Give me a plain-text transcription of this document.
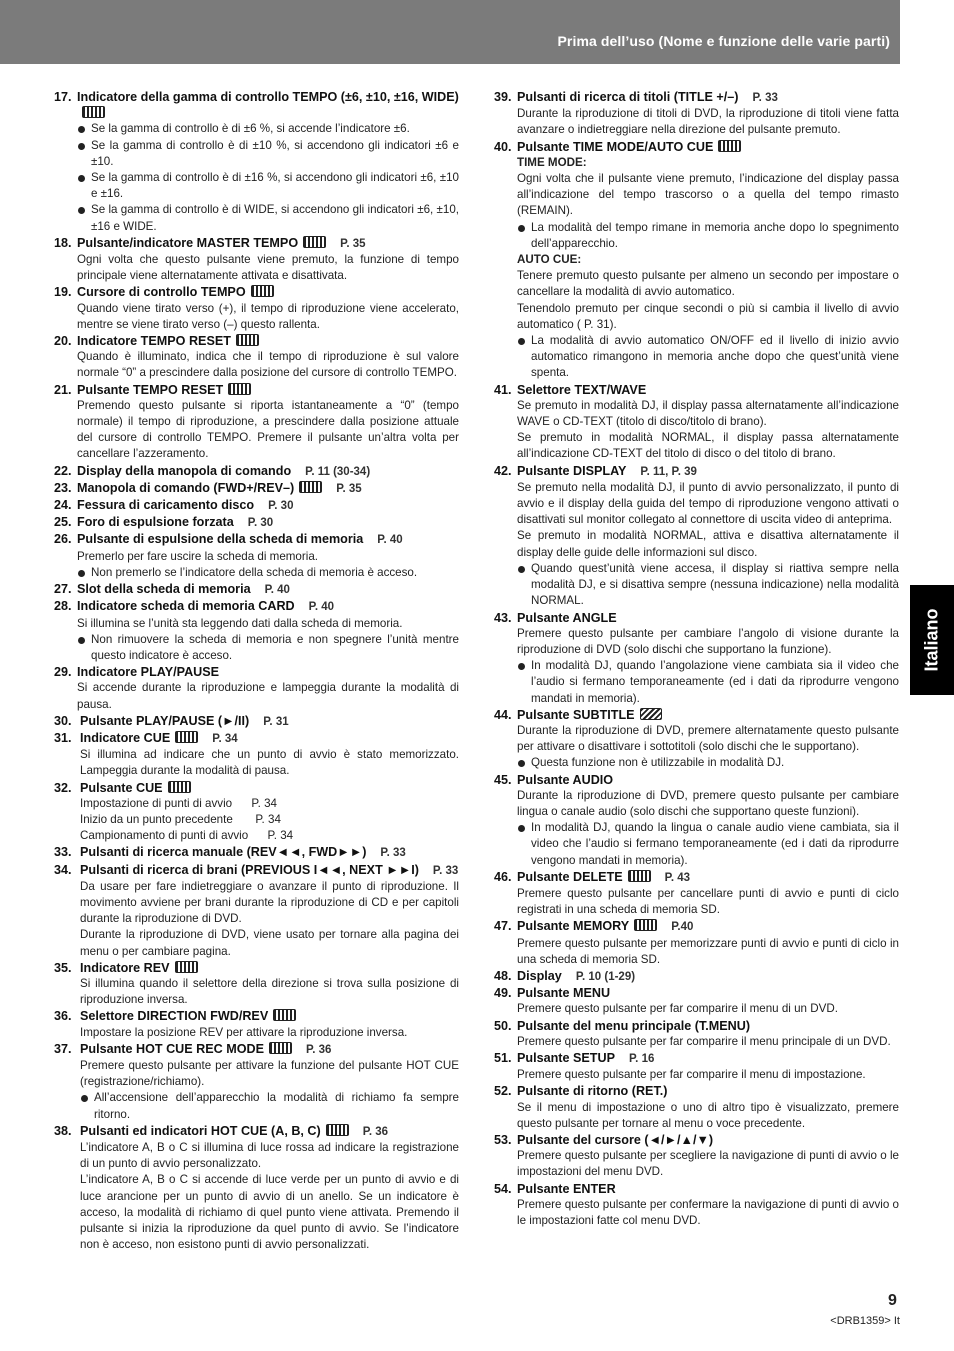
Prima dell’uso (Nome e funzione delle varie parti)
Italiano
17. Indicatore della gamma di controllo TEMPO (±6, ±10, ±16, WIDE)
Se la gamma di controllo è di ±6 %, si accende l’indicatore ±6.
Se la gamma di controllo è di ±10 %, si accendono gli indicatori ±6 e ±10.
Se la gamma di controllo è di ±16 %, si accendono gli indicatori ±6, ±10 e ±16.
Se la gamma di controllo è di WIDE, si accendono gli indicatori ±6, ±10, ±16 e WIDE.
18. Pulsante/indicatore MASTER TEMPO	P. 35
Ogni volta che questo pulsante viene premuto, la funzione di tempo principale viene alternatamente attivata e disattivata.
19. Cursore di controllo TEMPO
Quando viene tirato verso (+), il tempo di riproduzione viene accelerato, mentre se viene tirato verso (–) questo rallenta.
20. Indicatore TEMPO RESET
Quando è illuminato, indica che il tempo di riproduzione è sul valore normale “0” a prescindere dalla posizione del cursore di controllo TEMPO.
21. Pulsante TEMPO RESET
Premendo questo pulsante si riporta istantaneamente a “0” (tempo normale) il tempo di riproduzione, a prescindere dalla posizione attuale del cursore di controllo TEMPO. Premere il pulsante un’altra volta per cancellare l’azzeramento.
22. Display della manopola di comando P. 11 (30-34)
23. Manopola di comando (FWD+/REV–)	P. 35
24. Fessura di caricamento disco P. 30
25. Foro di espulsione forzata P. 30
26. Pulsante di espulsione della scheda di memoria P. 40
Premerlo per fare uscire la scheda di memoria.
Non premerlo se l’indicatore della scheda di memoria è acceso.
27. Slot della scheda di memoria P. 40
28. Indicatore scheda di memoria CARD P. 40
Si illumina se l’unità sta leggendo dati dalla scheda di memoria.
Non rimuovere la scheda di memoria e non spegnere l’unità mentre questo indicatore è acceso.
29. Indicatore PLAY/PAUSE
Si accende durante la riproduzione e lampeggia durante la modalità di pausa.
30. Pulsante PLAY/PAUSE (►/II) P. 31
31. Indicatore CUE	P. 34
Si illumina ad indicare che un punto di avvio è stato memorizzato. Lampeggia durante la modalità di pausa.
32. Pulsante CUE
Impostazione di punti di avvio      P. 34
Inizio da un punto precedente       P. 34
Campionamento di punti di avvio      P. 34
33. Pulsanti di ricerca manuale (REV◄◄, FWD►►) P. 33
34. Pulsanti di ricerca di brani (PREVIOUS I◄◄, NEXT ►►I) P. 33
Da usare per fare indietreggiare o avanzare il punto di riproduzione. Il movimento avviene per brani durante la riproduzione di CD e per capitoli durante la riproduzione di DVD.
Durante la riproduzione di DVD, viene usato per tornare alla pagina dei menu o per cambiare pagina.
35. Indicatore REV
Si illumina quando il selettore della direzione si trova sulla posizione di riproduzione inversa.
36. Selettore DIRECTION FWD/REV
Impostare la posizione REV per attivare la riproduzione inversa.
37. Pulsante HOT CUE REC MODE	P. 36
Premere questo pulsante per attivare la funzione del pulsante HOT CUE (registrazione/richiamo).
All’accensione dell’apparecchio la modalità di richiamo fa sempre ritorno.
38. Pulsanti ed indicatori HOT CUE (A, B, C)	P. 36
L’indicatore A, B o C si illumina di luce rossa ad indicare la registrazione di un punto di avvio personalizzato.
L’indicatore A, B o C si accende di luce verde per un punto di avvio e di luce arancione per un punto di avvio di un anello. Se un indicatore è acceso, la modalità di richiamo di quel punto viene attivata. Premendo il pulsante si inizia la riproduzione da quel punto di avvio. Se l’indicatore non è acceso, non esistono punti di avvio personalizzati.
39. Pulsanti di ricerca di titoli (TITLE +/–) P. 33
Durante la riproduzione di titoli di DVD, la riproduzione di titoli viene fatta avanzare o indietreggiare nella direzione del pulsante premuto.
40. Pulsante TIME MODE/AUTO CUE
TIME MODE:
Ogni volta che il pulsante viene premuto, l’indicazione del display passa all’indicazione del tempo trascorso o a quella del tempo rimasto (REMAIN).
La modalità del tempo rimane in memoria anche dopo lo spegnimento dell’apparecchio.
AUTO CUE:
Tenere premuto questo pulsante per almeno un secondo per impostare o cancellare la modalità di avvio automatico.
Tenendolo premuto per cinque secondi o più si cambia il livello di avvio automatico ( P. 31).
La modalità di avvio automatico ON/OFF ed il livello di inizio avvio automatico rimangono in memoria anche dopo che quest’unità viene spenta.
41. Selettore TEXT/WAVE
Se premuto in modalità DJ, il display passa alternatamente all’indicazione WAVE o CD-TEXT (titolo di disco/titolo di brano).
Se premuto in modalità NORMAL, il display passa alternatamente all’indicazione CD-TEXT del titolo di disco o del titolo di brano.
42. Pulsante DISPLAY P. 11, P. 39
Se premuto nella modalità DJ, il punto di avvio personalizzato, il punto di avvio e il display della guida del tempo di riproduzione vengono attivati o disattivati sul monitor collegato al connettore di uscita video di anteprima.
Se premuto in modalità NORMAL, attiva e disattiva alternatamente il display delle guide delle informazioni sul disco.
Quando quest’unità viene accesa, il display si riattiva sempre nella modalità DJ, e si disattiva sempre (nessuna indicazione) nella modalità NORMAL.
43. Pulsante ANGLE
Premere questo pulsante per cambiare l’angolo di visione durante la riproduzione di DVD (solo dischi che supportano la funzione).
In modalità DJ, quando l’angolazione viene cambiata sia il video che l’audio si fermano temporaneamente (ed i dati da riprodurre vengono mandati in memoria).
44. Pulsante SUBTITLE
Durante la riproduzione di DVD, premere alternatamente questo pulsante per attivare o disattivare i sottotitoli (solo dischi che le supportano).
Questa funzione non è utilizzabile in modalità DJ.
45. Pulsante AUDIO
Durante la riproduzione di DVD, premere questo pulsante per cambiare lingua o canale audio (solo dischi che supportano queste funzioni).
In modalità DJ, quando la lingua o canale audio viene cambiata, sia il video che l’audio si fermano temporaneamente (ed i dati da riprodurre vengono mandati in memoria).
46. Pulsante DELETE	P. 43
Premere questo pulsante per cancellare punti di avvio e punti di ciclo registrati in una scheda di memoria SD.
47. Pulsante MEMORY	P.40
Premere questo pulsante per memorizzare punti di avvio e punti di ciclo in una scheda di memoria SD.
48. Display P. 10 (1-29)
49. Pulsante MENU
Premere questo pulsante per far comparire il menu di un DVD.
50. Pulsante del menu principale (T.MENU)
Premere questo pulsante per far comparire il menu principale di un DVD.
51. Pulsante SETUP P. 16
Premere questo pulsante per far comparire il menu di impostazione.
52. Pulsante di ritorno (RET.)
Se il menu di impostazione o uno di altro tipo è visualizzato, premere questo pulsante per tornare al menu o voce precedente.
53. Pulsante del cursore (◄/►/▲/▼)
Premere questo pulsante per scegliere la navigazione di punti di avvio o le impostazioni del menu DVD.
54. Pulsante ENTER
Premere questo pulsante per confermare la navigazione di punti di avvio o le impostazioni fatte col menu DVD.
9
<DRB1359> It
